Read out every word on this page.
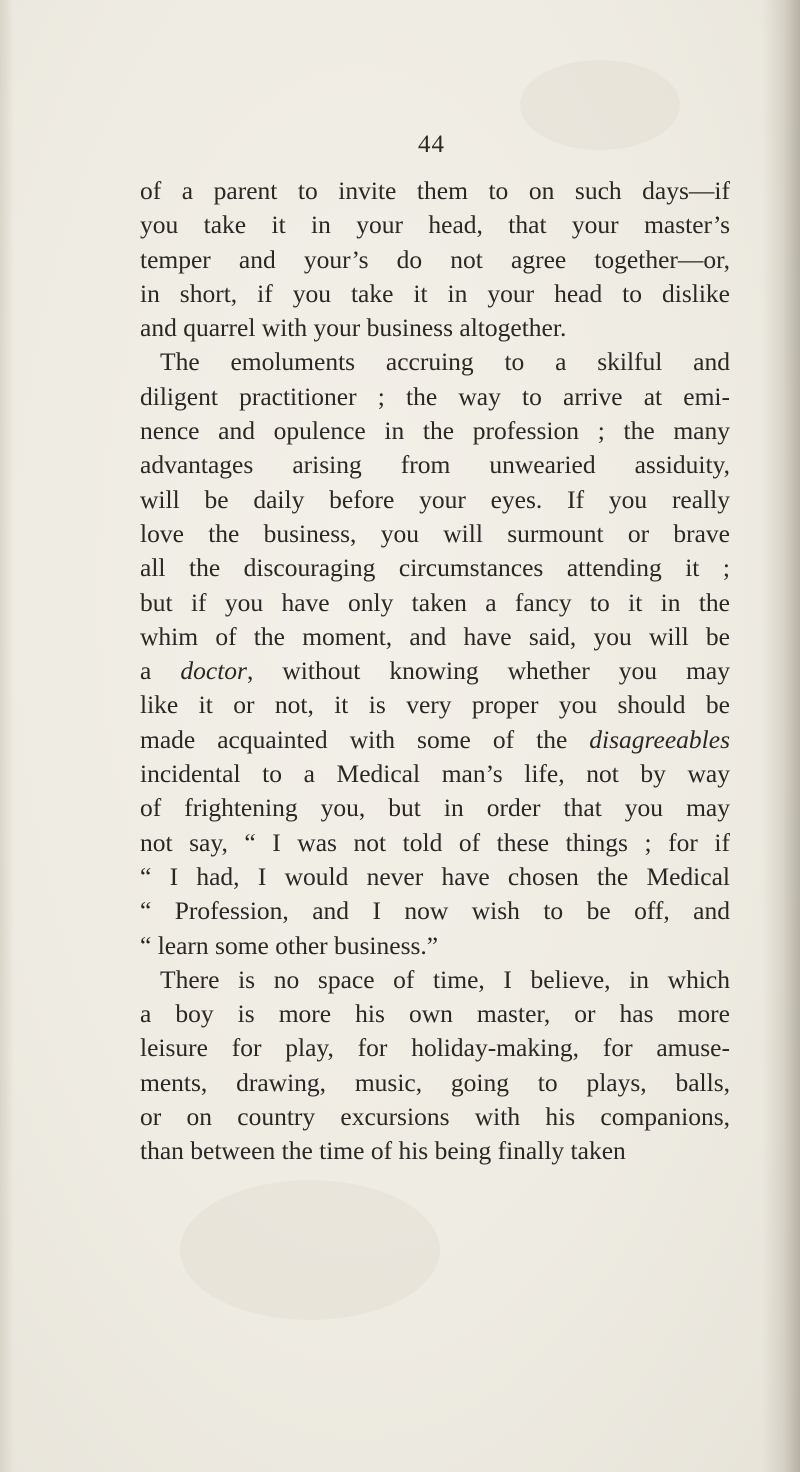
44
of a parent to invite them to on such days—if
you take it in your head, that your master’s
temper and your’s do not agree together—or,
in short, if you take it in your head to dislike
and quarrel with your business altogether.
The emoluments accruing to a skilful and
diligent practitioner ; the way to arrive at emi-
nence and opulence in the profession ; the many
advantages arising from unwearied assiduity,
will be daily before your eyes. If you really
love the business, you will surmount or brave
all the discouraging circumstances attending it ;
but if you have only taken a fancy to it in the
whim of the moment, and have said, you will be
a doctor, without knowing whether you may
like it or not, it is very proper you should be
made acquainted with some of the disagreeables
incidental to a Medical man’s life, not by way
of frightening you, but in order that you may
not say, “ I was not told of these things ; for if
“ I had, I would never have chosen the Medical
“ Profession, and I now wish to be off, and
“ learn some other business.”
There is no space of time, I believe, in which
a boy is more his own master, or has more
leisure for play, for holiday-making, for amuse-
ments, drawing, music, going to plays, balls,
or on country excursions with his companions,
than between the time of his being finally taken
